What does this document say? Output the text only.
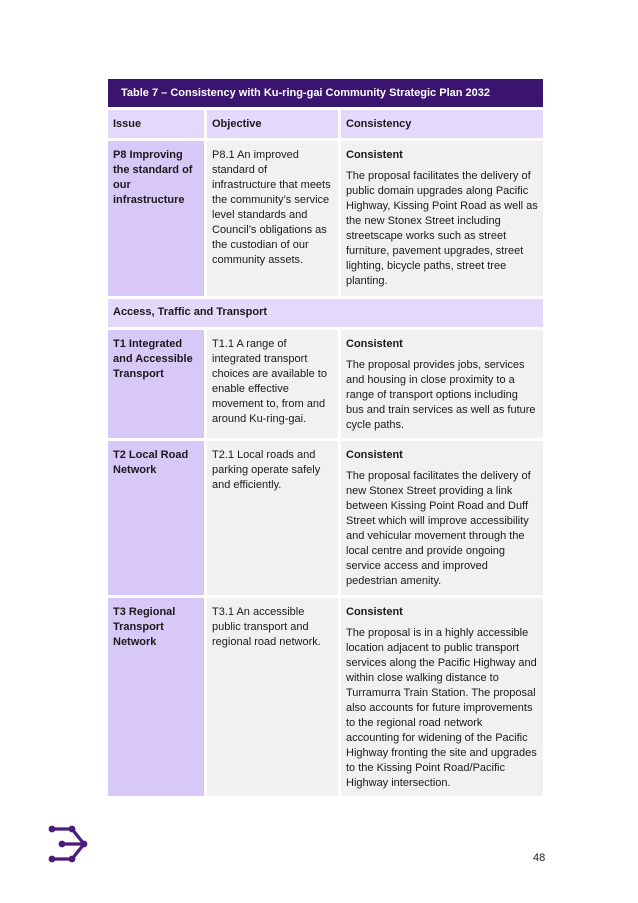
Table 7 – Consistency with Ku-ring-gai Community Strategic Plan 2032
Issue	Objective	Consistency
P8 Improving the standard of our infrastructure
P8.1 An improved standard of infrastructure that meets the community’s service level standards and Council’s obligations as the custodian of our community assets.
Consistent
The proposal facilitates the delivery of public domain upgrades along Pacific Highway, Kissing Point Road as well as the new Stonex Street including streetscape works such as street furniture, pavement upgrades, street lighting, bicycle paths, street tree planting.
Access, Traffic and Transport
T1 Integrated and Accessible Transport
T1.1 A range of integrated transport choices are available to enable effective movement to, from and around Ku-ring-gai.
Consistent
The proposal provides jobs, services and housing in close proximity to a range of transport options including bus and train services as well as future cycle paths.
T2 Local Road Network
T2.1 Local roads and parking operate safely and efficiently.
Consistent
The proposal facilitates the delivery of new Stonex Street providing a link between Kissing Point Road and Duff Street which will improve accessibility and vehicular movement through the local centre and provide ongoing service access and improved pedestrian amenity.
T3 Regional Transport Network
T3.1 An accessible public transport and regional road network.
Consistent
The proposal is in a highly accessible location adjacent to public transport services along the Pacific Highway and within close walking distance to Turramurra Train Station. The proposal also accounts for future improvements to the regional road network accounting for widening of the Pacific Highway fronting the site and upgrades to the Kissing Point Road/Pacific Highway intersection.
48
